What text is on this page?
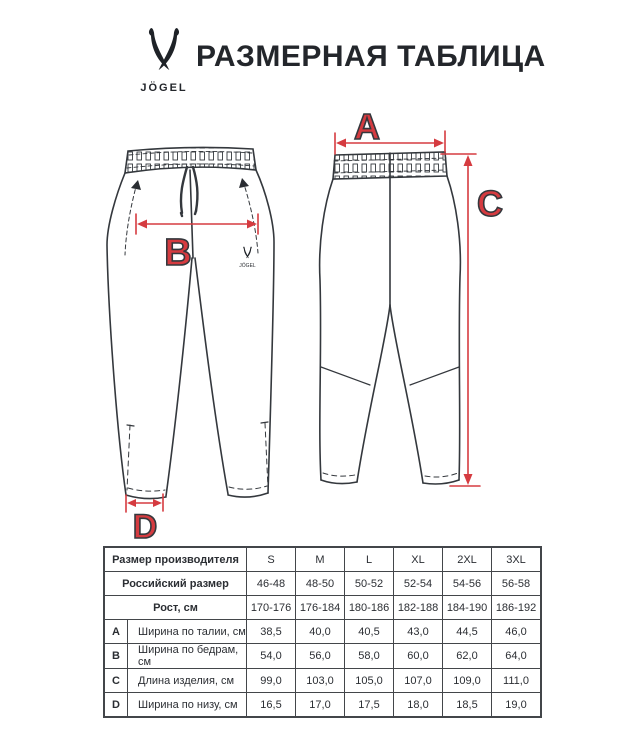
JÖGEL
РАЗМЕРНАЯ ТАБЛИЦА
JÖGEL
B
D
A
C
Размер производителя		S	M	L	XL	2XL	3XL
Российский размер		46-48	48-50	50-52	52-54	54-56	56-58
Рост, см		170-176	176-184	180-186	182-188	184-190	186-192
A	Ширина по талии, см	38,5	40,0	40,5	43,0	44,5	46,0
B	Ширина по бедрам, см	54,0	56,0	58,0	60,0	62,0	64,0
C	Длина изделия, см	99,0	103,0	105,0	107,0	109,0	111,0
D	Ширина по низу, см	16,5	17,0	17,5	18,0	18,5	19,0
